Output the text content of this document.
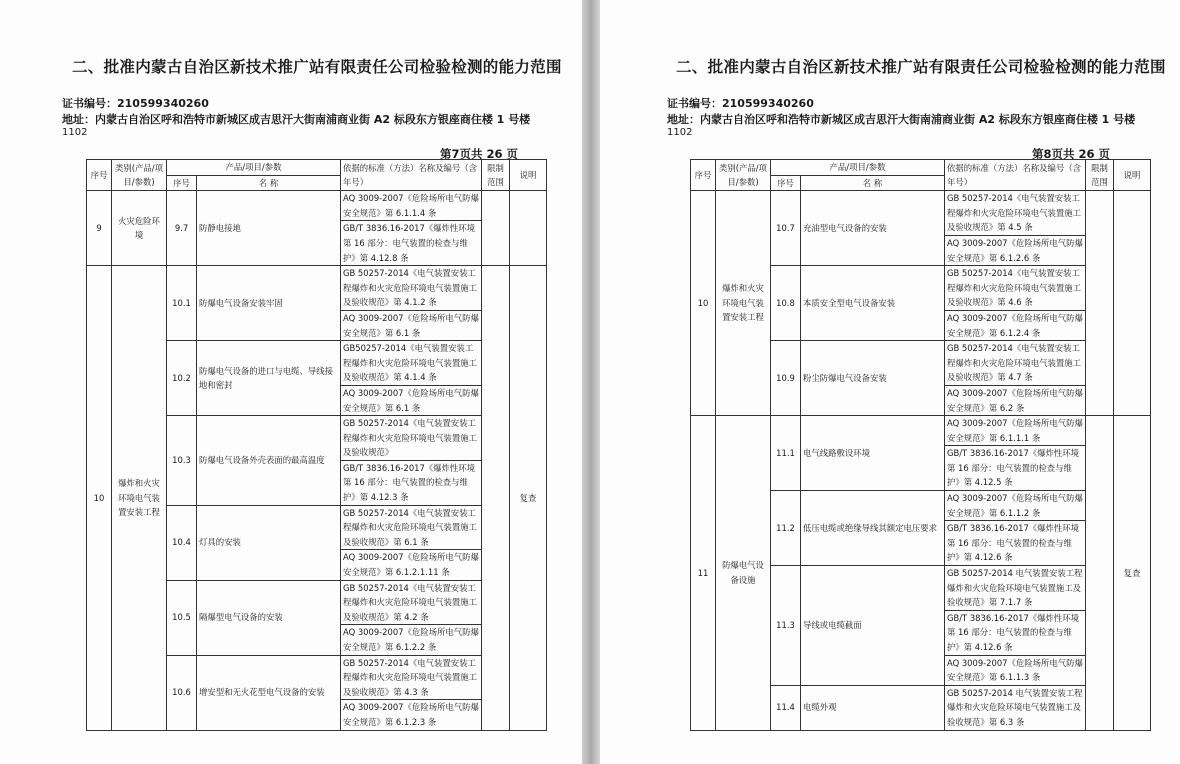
二、批准内蒙古自治区新技术推广站有限责任公司检验检测的能力范围
证书编号：210599340260
地址：内蒙古自治区呼和浩特市新城区成吉思汗大街南浦商业街 A2 标段东方银座商住楼 1 号楼
1102
第7页共 26 页
序号	类别(产品/项目/参数)	产品/项目/参数		依据的标准（方法）名称及编号（含年号）	限制范围	说明
		序号	名 称			
9	火灾危险环境	9.7	防静电接地	AQ 3009-2007《危险场所电气防爆安全规范》第 6.1.1.4 条		
				GB/T 3836.16-2017《爆炸性环境第 16 部分：电气装置的检查与维护》第 4.12.8 条		
10	爆炸和火灾环境电气装置安装工程	10.1	防爆电气设备安装牢固	GB 50257-2014《电气装置安装工程爆炸和火灾危险环境电气装置施工及验收规范》第 4.1.2 条		复查
				AQ 3009-2007《危险场所电气防爆安全规范》第 6.1 条		
		10.2	防爆电气设备的进口与电缆、导线接地和密封	GB50257-2014《电气装置安装工程爆炸和火灾危险环境电气装置施工及验收规范》第 4.1.4 条		
				AQ 3009-2007《危险场所电气防爆安全规范》第 6.1 条		
		10.3	防爆电气设备外壳表面的最高温度	GB 50257-2014《电气装置安装工程爆炸和火灾危险环境电气装置施工及验收规范》		
				GB/T 3836.16-2017《爆炸性环境第 16 部分：电气装置的检查与维护》第 4.12.3 条		
		10.4	灯具的安装	GB 50257-2014《电气装置安装工程爆炸和火灾危险环境电气装置施工及验收规范》第 6.1 条		
				AQ 3009-2007《危险场所电气防爆安全规范》第 6.1.2.1.11 条		
		10.5	隔爆型电气设备的安装	GB 50257-2014《电气装置安装工程爆炸和火灾危险环境电气装置施工及验收规范》第 4.2 条		
				AQ 3009-2007《危险场所电气防爆安全规范》第 6.1.2.2 条		
		10.6	增安型和无火花型电气设备的安装	GB 50257-2014《电气装置安装工程爆炸和火灾危险环境电气装置施工及验收规范》第 4.3 条		
				AQ 3009-2007《危险场所电气防爆安全规范》第 6.1.2.3 条		
二、批准内蒙古自治区新技术推广站有限责任公司检验检测的能力范围
证书编号：210599340260
地址：内蒙古自治区呼和浩特市新城区成吉思汗大街南浦商业街 A2 标段东方银座商住楼 1 号楼
1102
第8页共 26 页
序号	类别(产品/项目/参数)	产品/项目/参数		依据的标准（方法）名称及编号（含年号）	限制范围	说明
		序号	名 称			
10	爆炸和火灾环境电气装置安装工程	10.7	充油型电气设备的安装	GB 50257-2014《电气装置安装工程爆炸和火灾危险环境电气装置施工及验收规范》第 4.5 条		
				AQ 3009-2007《危险场所电气防爆安全规范》第 6.1.2.6 条		
		10.8	本质安全型电气设备安装	GB 50257-2014《电气装置安装工程爆炸和火灾危险环境电气装置施工及验收规范》第 4.6 条		
				AQ 3009-2007《危险场所电气防爆安全规范》第 6.1.2.4 条		
		10.9	粉尘防爆电气设备安装	GB 50257-2014《电气装置安装工程爆炸和火灾危险环境电气装置施工及验收规范》第 4.7 条		
				AQ 3009-2007《危险场所电气防爆安全规范》第 6.2 条		
11	防爆电气设备设施	11.1	电气线路敷设环境	AQ 3009-2007《危险场所电气防爆安全规范》第 6.1.1.1 条		复查
				GB/T 3836.16-2017《爆炸性环境第 16 部分：电气装置的检查与维护》第 4.12.5 条		
		11.2	低压电缆或绝缘导线其额定电压要求	AQ 3009-2007《危险场所电气防爆安全规范》第 6.1.1.2 条		
				GB/T 3836.16-2017《爆炸性环境第 16 部分：电气装置的检查与维护》第 4.12.6 条		
		11.3	导线或电缆截面	GB 50257-2014 电气装置安装工程爆炸和火灾危险环境电气装置施工及验收规范》第 7.1.7 条		
				GB/T 3836.16-2017《爆炸性环境第 16 部分：电气装置的检查与维护》第 4.12.6 条		
				AQ 3009-2007《危险场所电气防爆安全规范》第 6.1.1.3 条		
		11.4	电缆外观	GB 50257-2014 电气装置安装工程爆炸和火灾危险环境电气装置施工及验收规范》第 6.3 条		
